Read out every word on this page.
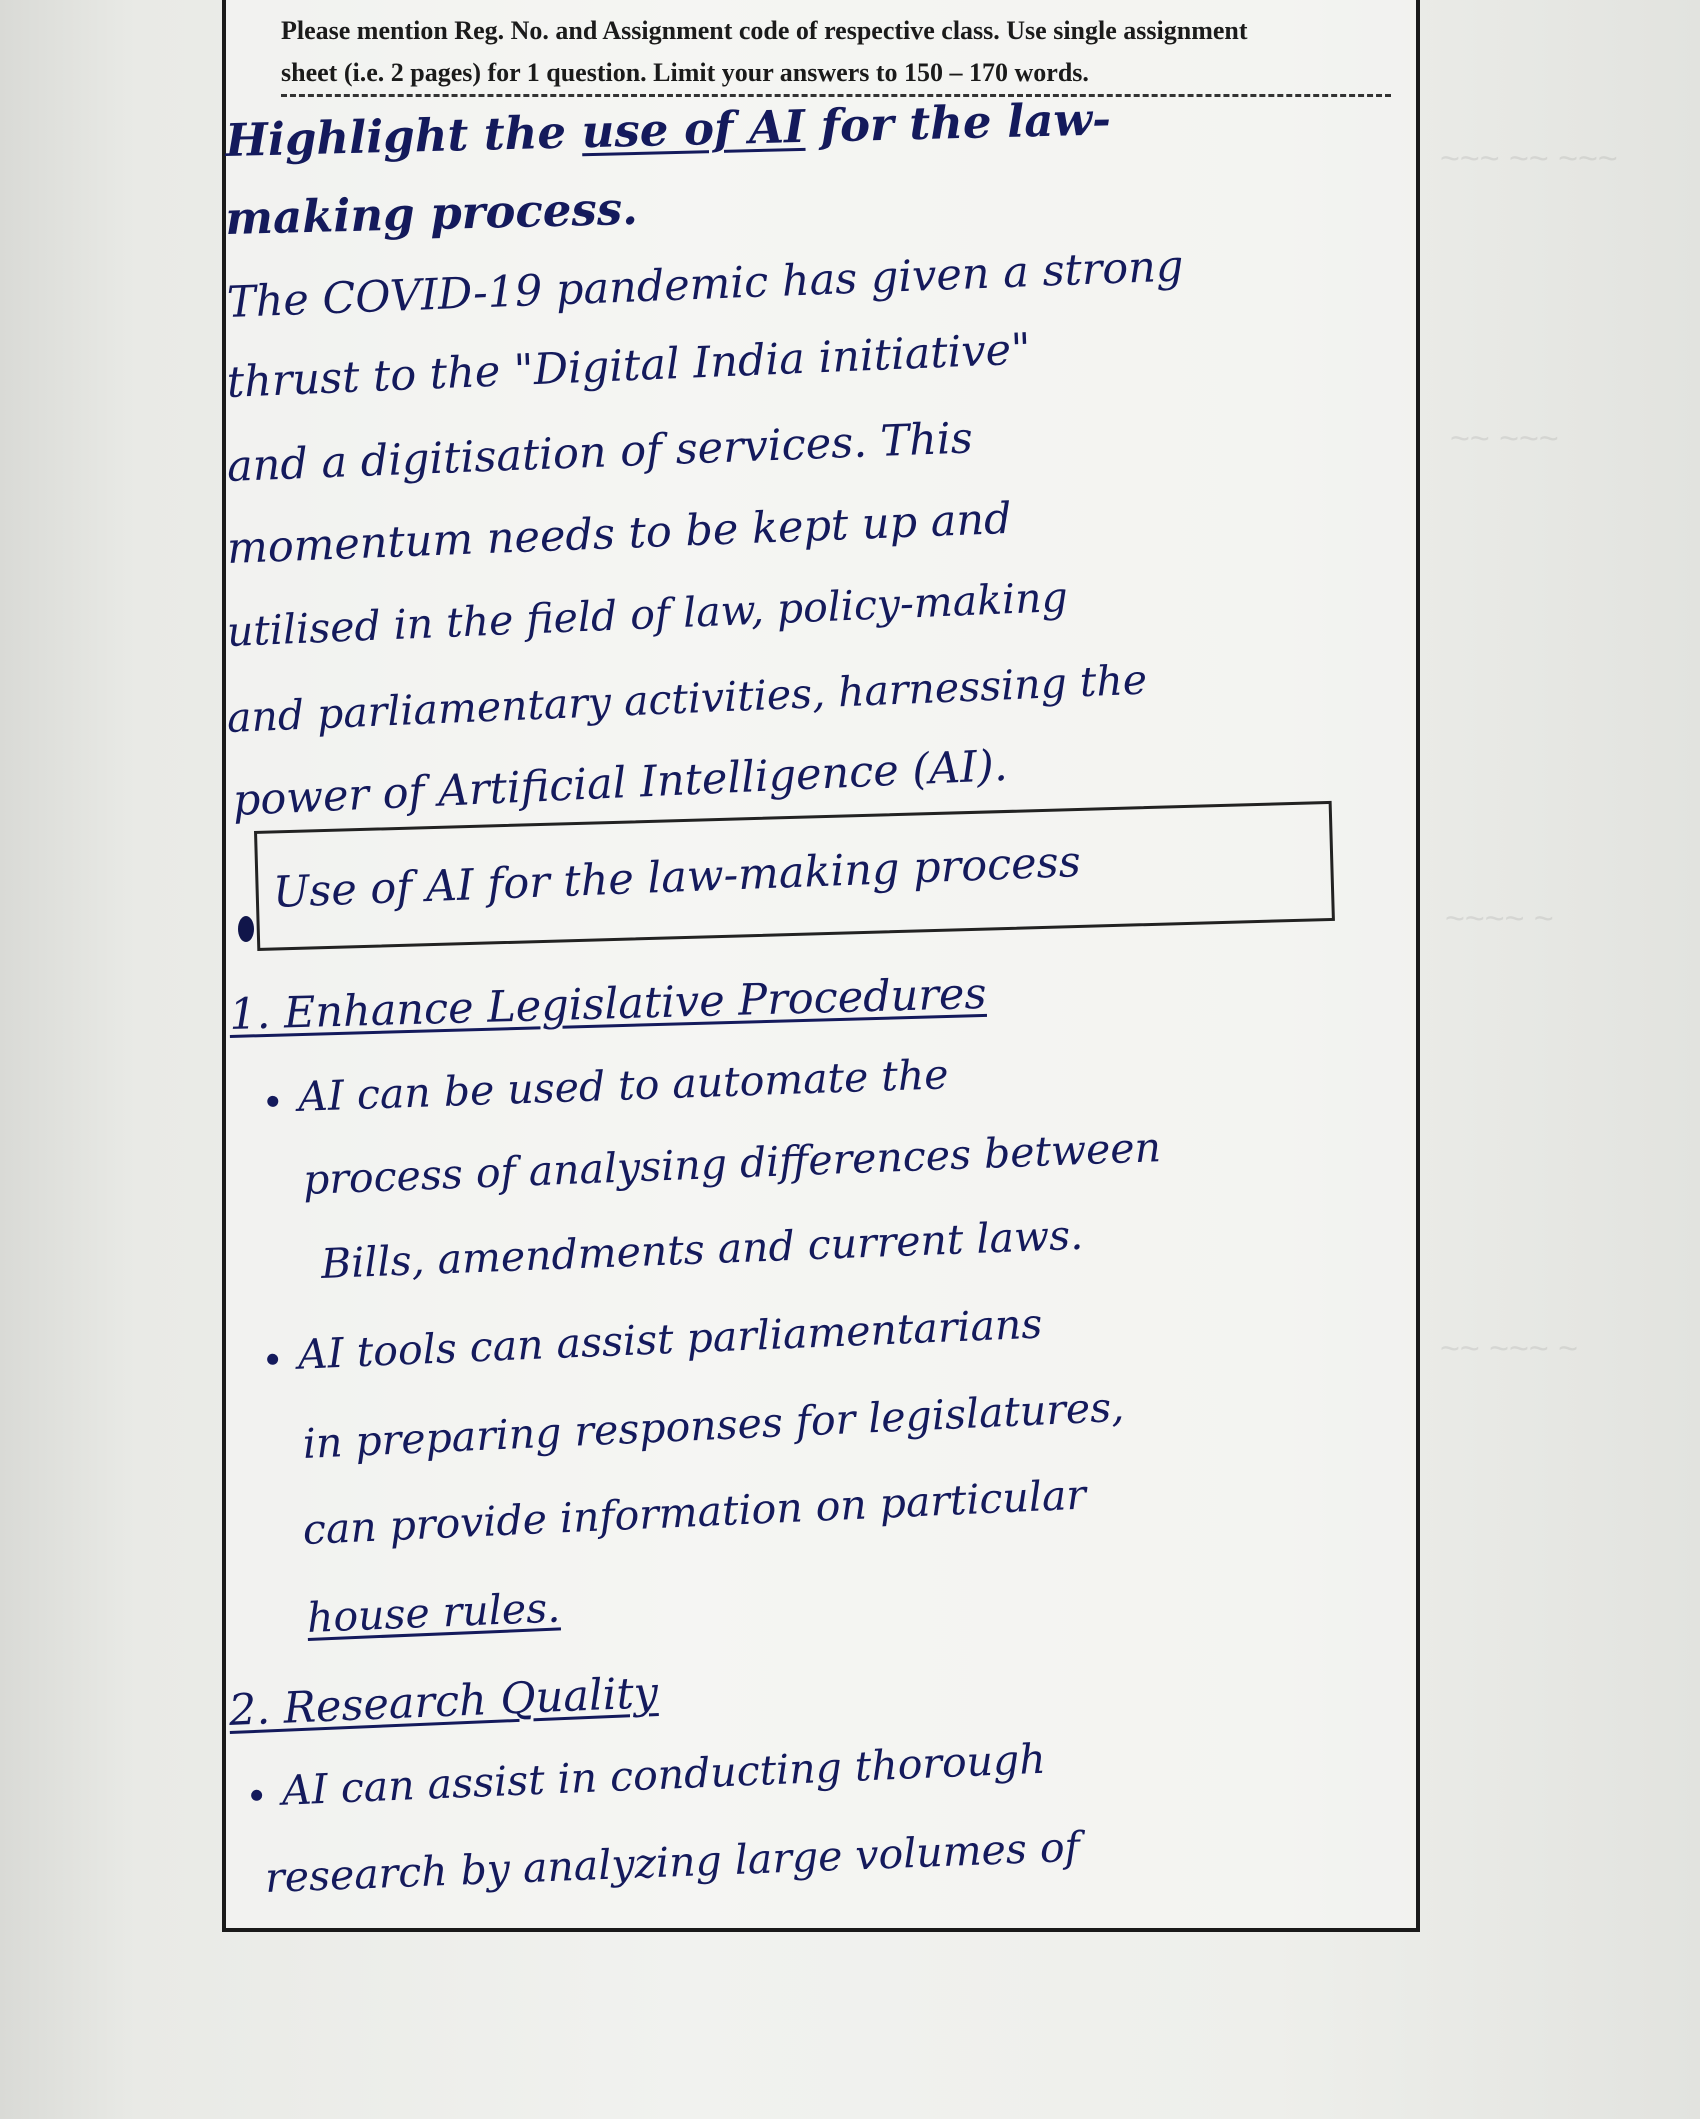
~~~ ~~ ~~~
~~ ~~~
~~~~ ~
~~ ~~~ ~
Please mention Reg. No. and Assignment code of respective class. Use single assignment
sheet (i.e. 2 pages) for 1 question. Limit your answers to 150 – 170 words.
Highlight the use of AI for the law-
making process.
The COVID-19 pandemic has given a strong
thrust to the "Digital India initiative"
and a digitisation of services. This
momentum needs to be kept up and
utilised in the field of law, policy-making
and parliamentary activities, harnessing the
power of Artificial Intelligence (AI).
Use of AI for the law-making process
1. Enhance Legislative Procedures
AI can be used to automate the
process of analysing differences between
Bills, amendments and current laws.
AI tools can assist parliamentarians
in preparing responses for legislatures,
can provide information on particular
house rules.
2. Research Quality
AI can assist in conducting thorough
research by analyzing large volumes of
